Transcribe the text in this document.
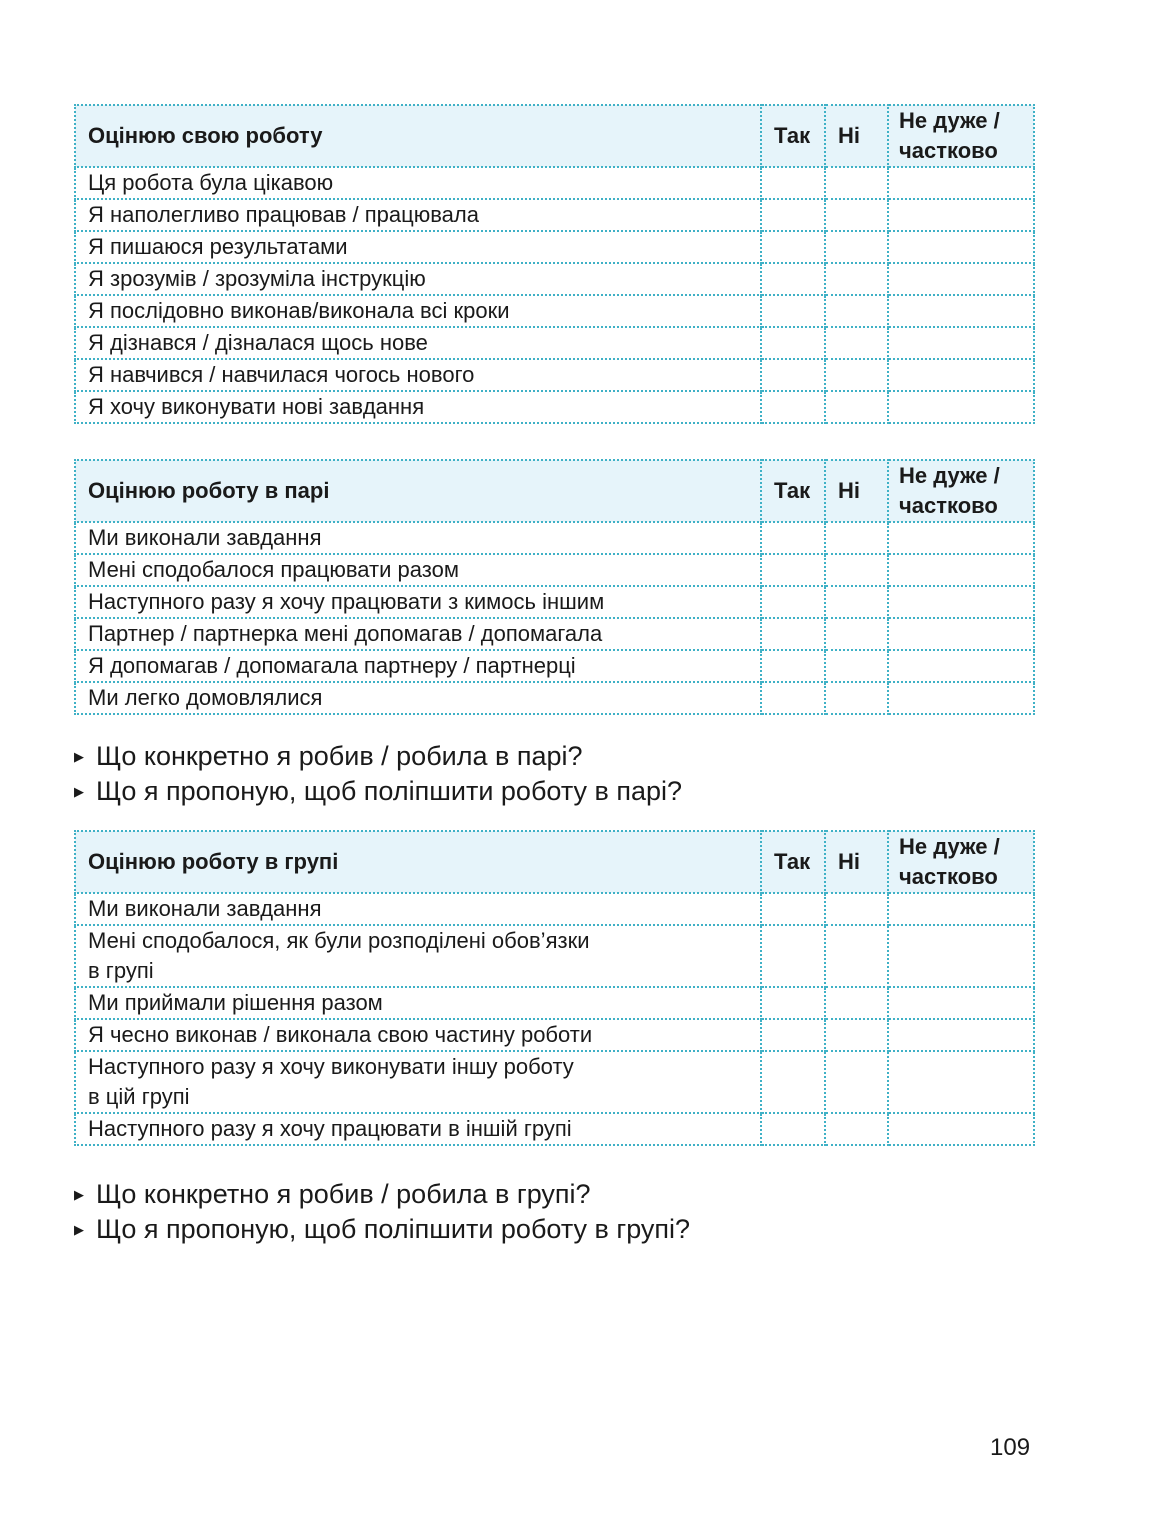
Оцінюю свою роботу	Так	Ні	Не дуже /
частково
Ця робота була цікавою			
Я наполегливо працював / працювала			
Я пишаюся результатами			
Я зрозумів / зрозуміла інструкцію			
Я послідовно виконав/виконала всі кроки			
Я дізнався / дізналася щось нове			
Я навчився / навчилася чогось нового			
Я хочу виконувати нові завдання			
Оцінюю роботу в парі	Так	Ні	Не дуже /
частково
Ми виконали завдання			
Мені сподобалося працювати разом			
Наступного разу я хочу працювати з кимось іншим			
Партнер / партнерка мені допомагав / допомагала			
Я допомагав / допомагала партнеру / партнерці			
Ми легко домовлялися			
▶ Що конкретно я робив / робила в парі?
▶ Що я пропоную, щоб поліпшити роботу в парі?
Оцінюю роботу в групі	Так	Ні	Не дуже /
частково
Ми виконали завдання			
Мені сподобалося, як були розподілені обов’язки
в групі			
Ми приймали рішення разом			
Я чесно виконав / виконала свою частину роботи			
Наступного разу я хочу виконувати іншу роботу
в цій групі			
Наступного разу я хочу працювати в іншій групі			
▶ Що конкретно я робив / робила в групі?
▶ Що я пропоную, щоб поліпшити роботу в групі?
109
